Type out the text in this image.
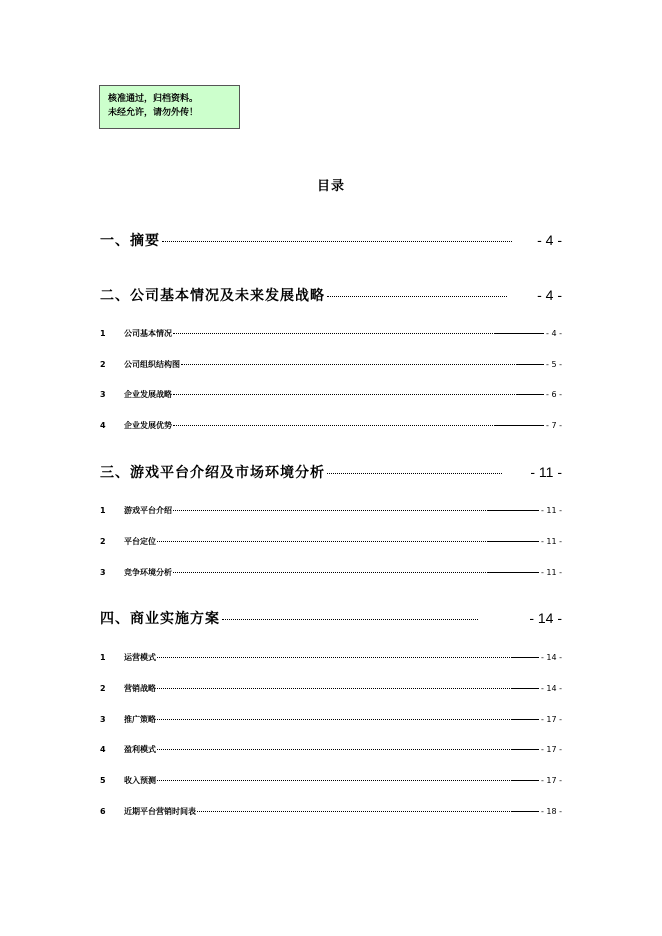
核准通过，归档资料。
未经允许，请勿外传！
目录
一、摘要	- 4 -
二、公司基本情况及未来发展战略	- 4 -
1	公司基本情况	- 4 -
2	公司组织结构图	- 5 -
3	企业发展战略	- 6 -
4	企业发展优势	- 7 -
三、游戏平台介绍及市场环境分析	- 11 -
1	游戏平台介绍	- 11 -
2	平台定位	- 11 -
3	竞争环境分析	- 11 -
四、商业实施方案	- 14 -
1	运营模式	- 14 -
2	营销战略	- 14 -
3	推广策略	- 17 -
4	盈利模式	- 17 -
5	收入预测	- 17 -
6	近期平台营销时间表	- 18 -
